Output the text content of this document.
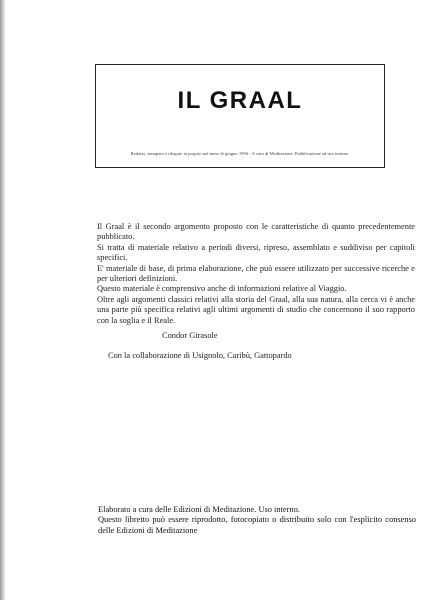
IL GRAAL
Redatto, stampato e rilegato in proprio nel mese di giugno 1996 - A cura di Meditazione. Pubblicazione ad uso interno.

Il Graal è il secondo argomento proposto con le caratteristiche di quanto precedentemente pubblicato.

Si tratta di materiale relativo a periodi diversi, ripreso, assemblato e suddiviso per capitoli specifici.

E' materiale di base, di prima elaborazione, che può essere utilizzato per successive ricerche e per ulteriori definizioni.

Questo materiale è comprensivo anche di informazioni relative al Viaggio.

Oltre agli argomenti classici relativi alla storia del Graal, alla sua natura, alla cerca vi è anche una parte più specifica relativi agli ultimi argomenti di studio che concernono il suo rapporto con la soglia e il Reale.

Condor Girasole
Con la collaborazione di Usignolo, Caribù, Gattopardo

Elaborato a cura delle Edizioni di Meditazione. Uso interno.

Questo libretto può essere riprodotto, fotocopiato o distribuito solo con l'esplicito consenso delle Edizioni di Meditazione
